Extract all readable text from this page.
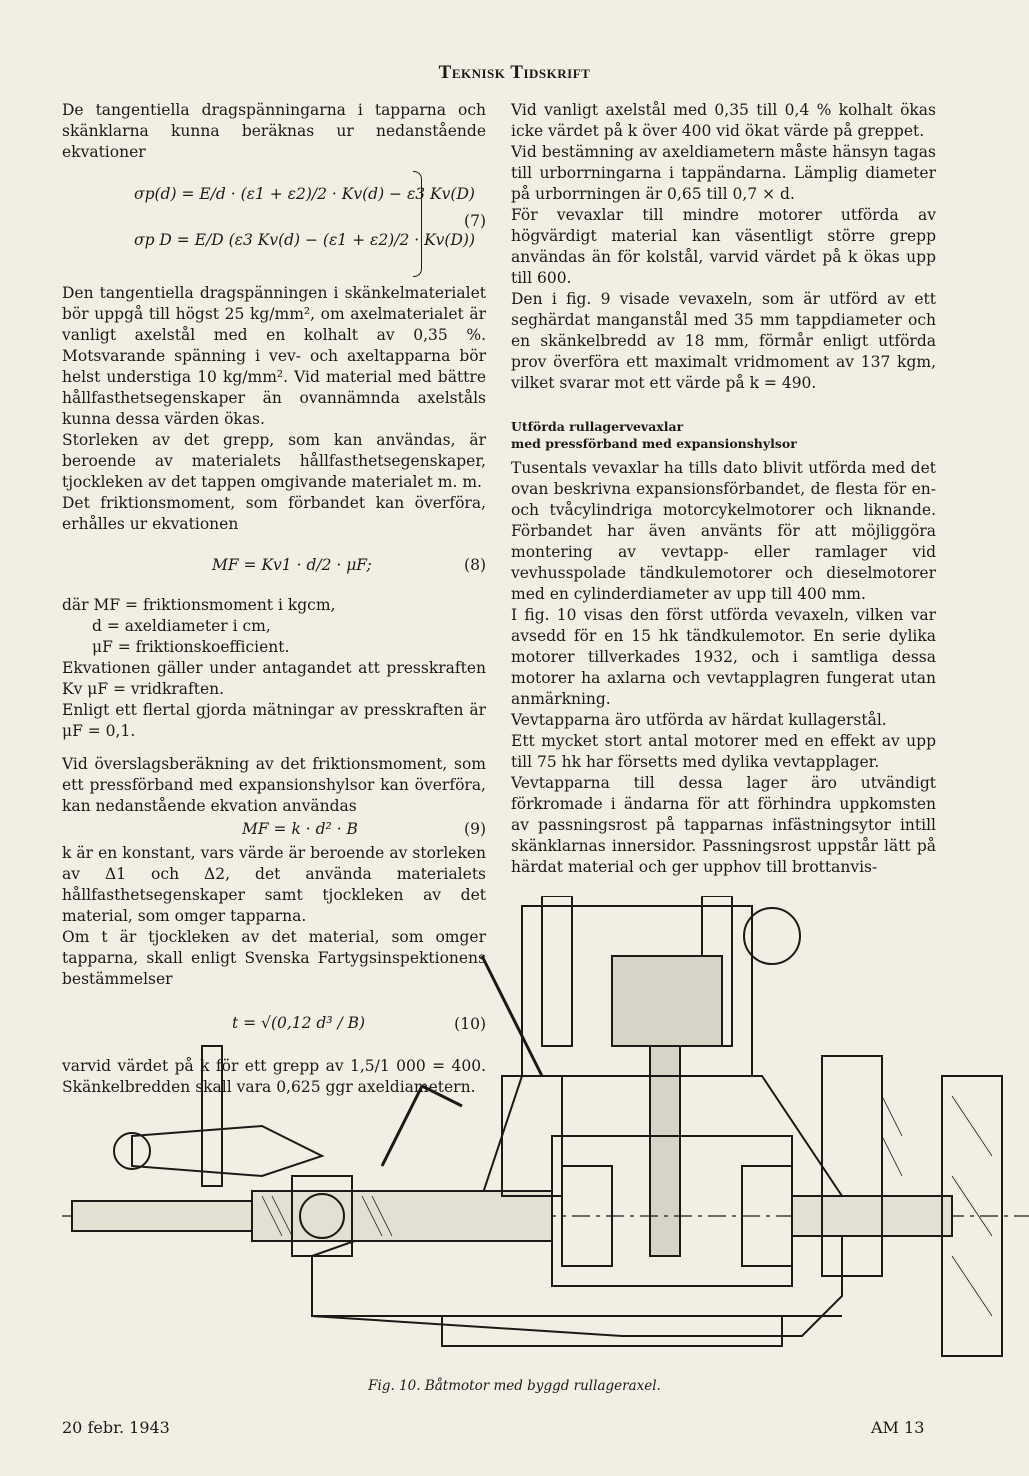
Teknisk Tidskrift

De tangentiella dragspänningarna i tapparna och skänklarna kunna beräknas ur nedanstående ekvationer

σp(d) = E/d · (ε1 + ε2)/2 · Kv(d) − ε3 Kv(D)
σp D = E/D (ε3 Kv(d) − (ε1 + ε2)/2 · Kv(D))
(7)

Den tangentiella dragspänningen i skänkelmaterialet bör uppgå till högst 25 kg/mm², om axelmaterialet är vanligt axelstål med en kolhalt av 0,35 %. Motsvarande spänning i vev- och axeltapparna bör helst understiga 10 kg/mm². Vid material med bättre hållfasthetsegenskaper än ovannämnda axelståls kunna dessa värden ökas.

Storleken av det grepp, som kan användas, är beroende av materialets hållfasthetsegenskaper, tjockleken av det tappen omgivande materialet m. m.

Det friktionsmoment, som förbandet kan överföra, erhålles ur ekvationen

MF = Kv1 · d/2 · μF;	(8)
där MF = friktionsmoment i kgcm,
d = axeldiameter i cm,
μF = friktionskoefficient.

Ekvationen gäller under antagandet att presskraften Kv μF = vridkraften.

Enligt ett flertal gjorda mätningar av presskraften är μF = 0,1.

Vid överslagsberäkning av det friktionsmoment, som ett pressförband med expansionshylsor kan överföra, kan nedanstående ekvation användas

MF = k · d² · B	(9)

k är en konstant, vars värde är beroende av storleken av Δ1 och Δ2, det använda materialets hållfasthetsegenskaper samt tjockleken av det material, som omger tapparna.

Om t är tjockleken av det material, som omger tapparna, skall enligt Svenska Fartygsinspektionens bestämmelser

t = √(0,12 d³ / B)	(10)

varvid värdet på k för ett grepp av 1,5/1 000 = 400. Skänkelbredden skall vara 0,625 ggr axeldiametern.

Vid vanligt axelstål med 0,35 till 0,4 % kolhalt ökas icke värdet på k över 400 vid ökat värde på greppet.

Vid bestämning av axeldiametern måste hänsyn tagas till urborrningarna i tappändarna. Lämplig diameter på urborrningen är 0,65 till 0,7 × d.

För vevaxlar till mindre motorer utförda av högvärdigt material kan väsentligt större grepp användas än för kolstål, varvid värdet på k ökas upp till 600.

Den i fig. 9 visade vevaxeln, som är utförd av ett seghärdat manganstål med 35 mm tappdiameter och en skänkelbredd av 18 mm, förmår enligt utförda prov överföra ett maximalt vridmoment av 137 kgm, vilket svarar mot ett värde på k = 490.

Utförda rullagervevaxlar
med pressförband med expansionshylsor

Tusentals vevaxlar ha tills dato blivit utförda med det ovan beskrivna expansionsförbandet, de flesta för en- och tvåcylindriga motorcykelmotorer och liknande. Förbandet har även använts för att möjliggöra montering av vevtapp- eller ramlager vid vevhusspolade tändkulemotorer och dieselmotorer med en cylinderdiameter av upp till 400 mm.

I fig. 10 visas den först utförda vevaxeln, vilken var avsedd för en 15 hk tändkulemotor. En serie dylika motorer tillverkades 1932, och i samtliga dessa motorer ha axlarna och vevtapplagren fungerat utan anmärkning.

Vevtapparna äro utförda av härdat kullagerstål.

Ett mycket stort antal motorer med en effekt av upp till 75 hk har försetts med dylika vevtapplager.

Vevtapparna till dessa lager äro utvändigt förkromade i ändarna för att förhindra uppkomsten av passningsrost på tapparnas infästningsytor intill skänklarnas innersidor. Passningsrost uppstår lätt på härdat material och ger upphov till brottanvis-

Fig. 10. Båtmotor med byggd rullageraxel.
20 febr. 1943	AM 13
